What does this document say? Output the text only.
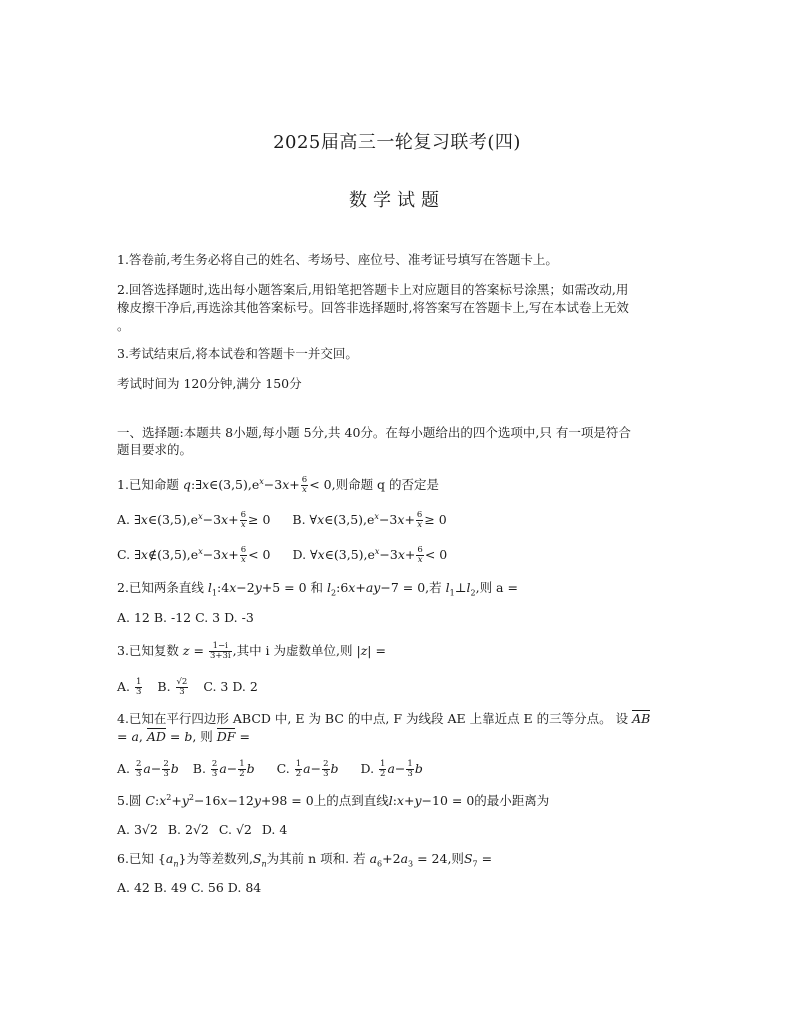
2025届高三一轮复习联考(四)
数学试题
1.答卷前,考生务必将自己的姓名、考场号、座位号、准考证号填写在答题卡上。
2.回答选择题时,选出每小题答案后,用铅笔把答题卡上对应题目的答案标号涂黑；如需改动,用
橡皮擦干净后,再选涂其他答案标号。回答非选择题时,将答案写在答题卡上,写在本试卷上无效
。
3.考试结束后,将本试卷和答题卡一并交回。
考试时间为 120分钟,满分 150分
一、选择题:本题共 8小题,每小题 5分,共 40分。在每小题给出的四个选项中,只 有一项是符合
题目要求的。
1.已知命题 $q:\exists x\in(3,5),e^x-3x+ \frac{6}{x} < 0$,则命题 q 的否定是
A. $\exists x\in(3,5),e^x-3x+ \frac{6}{x} \ge 0$ B. $\forall x\in(3,5),e^x-3x+ \frac{6}{x} \ge 0$
C. $\exists x\notin(3,5),e^x-3x+ \frac{6}{x} < 0$ D. $\forall x\in(3,5),e^x-3x+ \frac{6}{x} < 0$
2.已知两条直线 $l_1:4x-2y+5 = 0$ 和 $l_2:6x+ay-7 = 0$,若 $l_1\perp l_2$,则 a =
A. 12 B. -12 C. 3 D. -3
3.已知复数 $z = \frac{1-i}{3+3i}$ ,其中 i 为虚数单位,则 |z| =
A. $\frac{1}{3} B$. $\frac{√2}{3} C$. 3 D. 2
4.已知在平行四边形 ABCD 中, E 为 BC 的中点, F 为线段 AE 上靠近点 E 的三等分点。 设 AB
= a, AD = b, 则 DF =
A. $\frac{2}{3} a- \frac{2}{3}$ b B. $\frac{2}{3} a- \frac{1}{2}$ b C. $\frac{1}{2} a- \frac{2}{3}$ b D. $\frac{1}{2} a- \frac{1}{3}$ b
5.圆 $C:x^2+y^2-16x-12y+98 = 0$上的点到直线l:x+y−10 = 0的最小距离为
A. 3√2 B. 2√2 C. √2 D. 4
6.已知 $\{a_n\}$为等差数列$,S_n$为其前 n 项和. 若 $a_6+2a_3 = 24$,则$S_7$ =
A. 42 B. 49 C. 56 D. 84
